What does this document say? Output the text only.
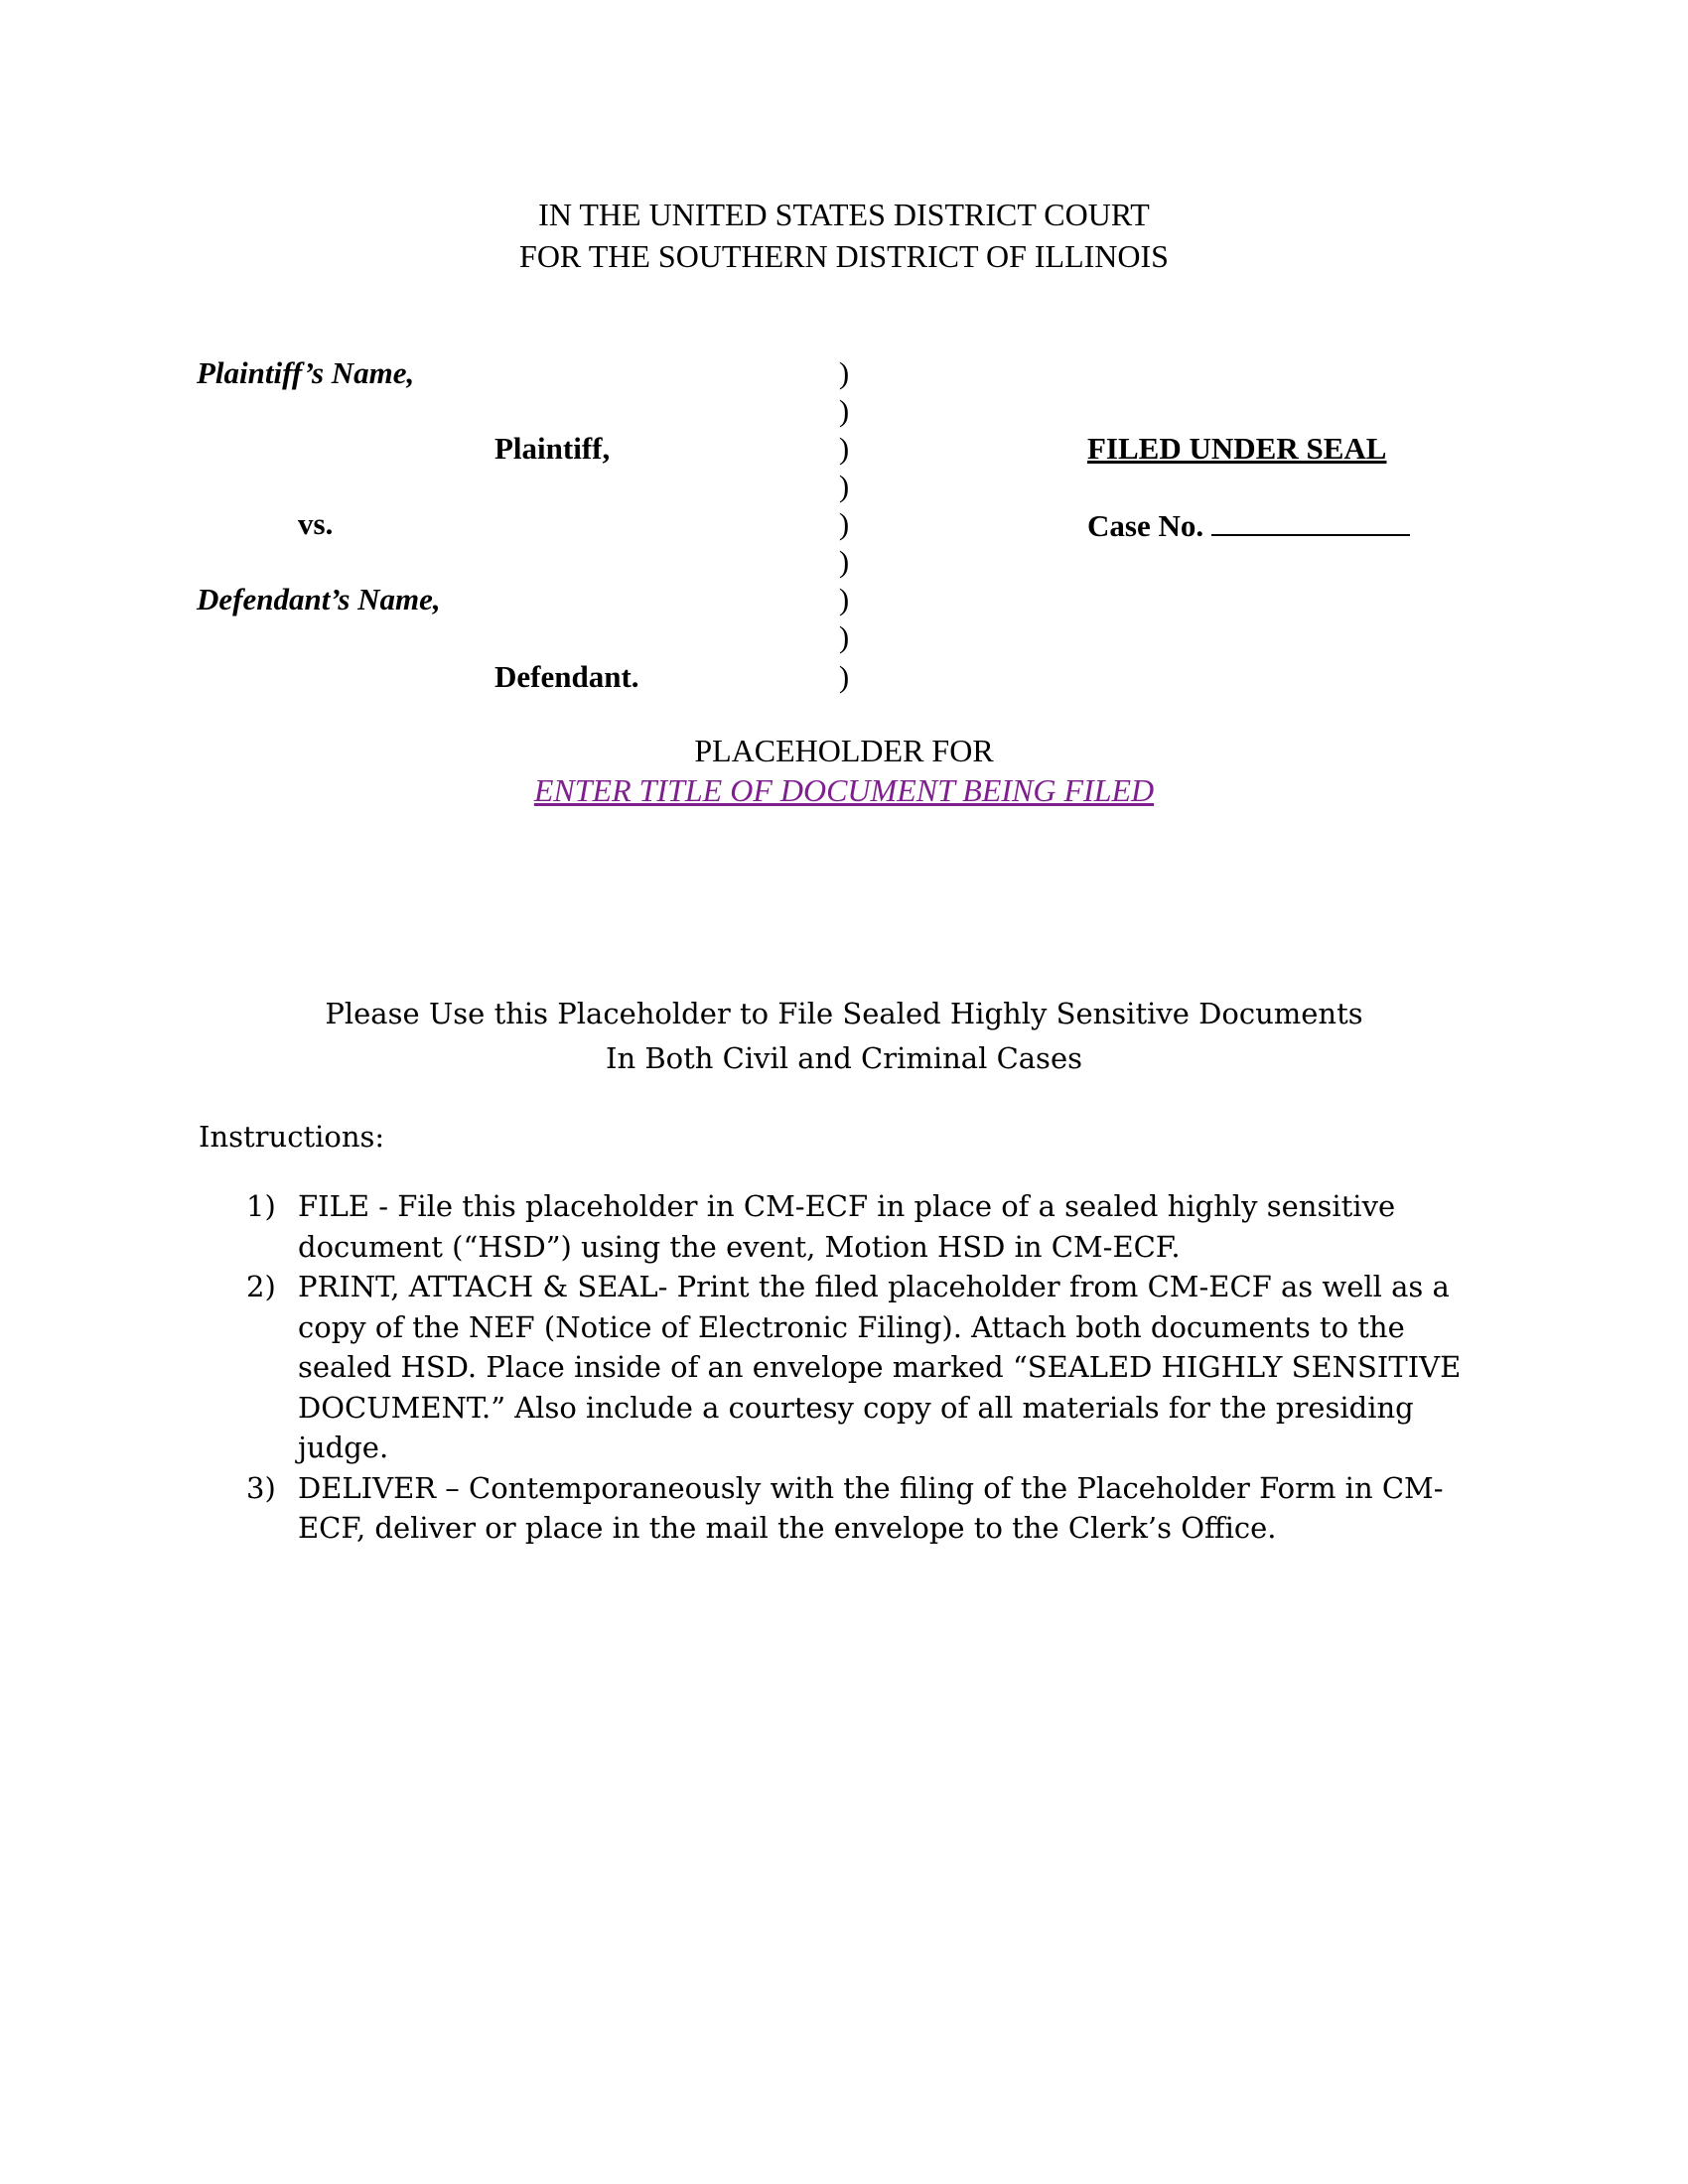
IN THE UNITED STATES DISTRICT COURT
FOR THE SOUTHERN DISTRICT OF ILLINOIS
Plaintiff’s Name,
Plaintiff,
vs.
Defendant’s Name,
Defendant.
)
)
)
)
)
)
)
)
)
FILED UNDER SEAL
Case No.
PLACEHOLDER FOR
ENTER TITLE OF DOCUMENT BEING FILED
Please Use this Placeholder to File Sealed Highly Sensitive Documents
In Both Civil and Criminal Cases
Instructions:
1) FILE - File this placeholder in CM-ECF in place of a sealed highly sensitive document (“HSD”) using the event, Motion HSD in CM-ECF.
2) PRINT, ATTACH & SEAL- Print the filed placeholder from CM-ECF as well as a copy of the NEF (Notice of Electronic Filing). Attach both documents to the sealed HSD. Place inside of an envelope marked “SEALED HIGHLY SENSITIVE DOCUMENT.” Also include a courtesy copy of all materials for the presiding judge.
3) DELIVER – Contemporaneously with the filing of the Placeholder Form in CM-ECF, deliver or place in the mail the envelope to the Clerk’s Office.
